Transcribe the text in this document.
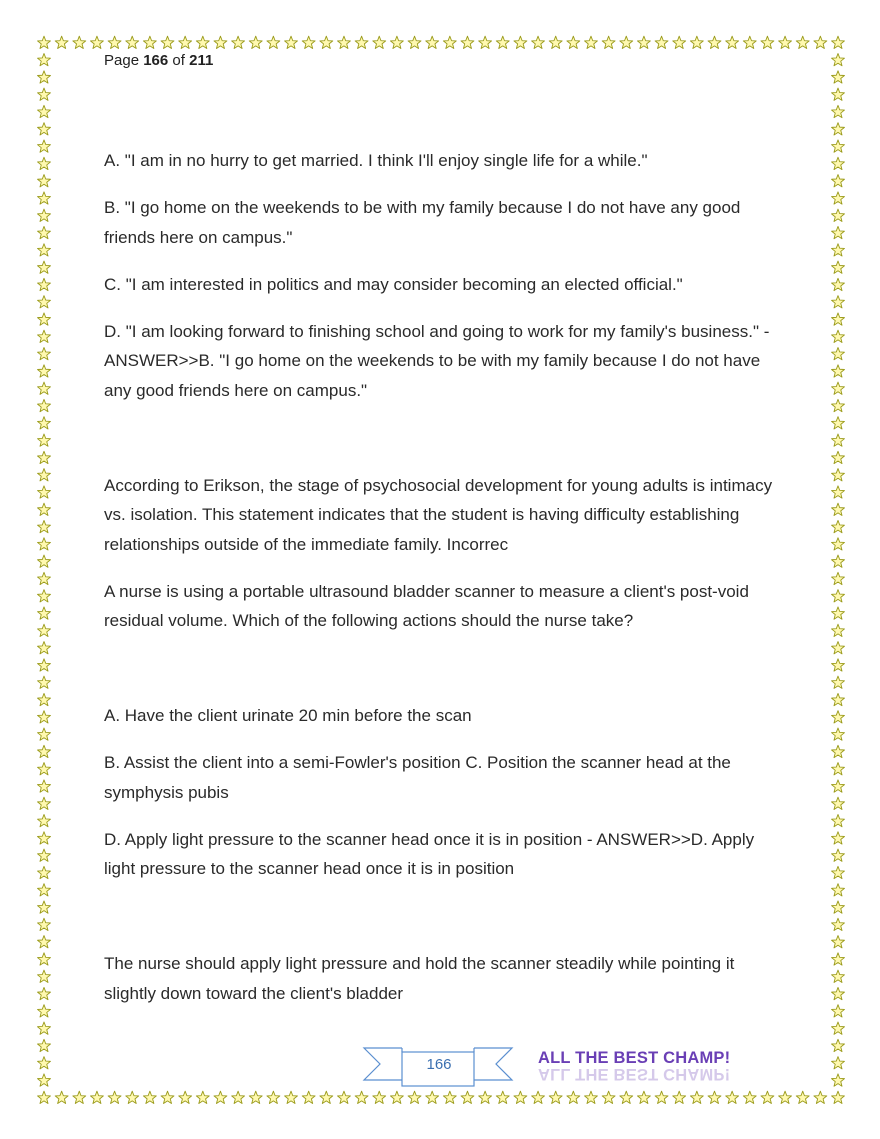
Page 166 of 211

A. "I am in no hurry to get married. I think I'll enjoy single life for a while."

B. "I go home on the weekends to be with my family because I do not have any good friends here on campus."

C. "I am interested in politics and may consider becoming an elected official."

D. "I am looking forward to finishing school and going to work for my family's business." - ANSWER>>B. "I go home on the weekends to be with my family because I do not have any good friends here on campus."

According to Erikson, the stage of psychosocial development for young adults is intimacy vs. isolation. This statement indicates that the student is having difficulty establishing relationships outside of the immediate family. Incorrec

A nurse is using a portable ultrasound bladder scanner to measure a client's post-void residual volume. Which of the following actions should the nurse take?

A. Have the client urinate 20 min before the scan

B. Assist the client into a semi-Fowler's position C. Position the scanner head at the symphysis pubis

D. Apply light pressure to the scanner head once it is in position - ANSWER>>D. Apply light pressure to the scanner head once it is in position

The nurse should apply light pressure and hold the scanner steadily while pointing it slightly down toward the client's bladder

166	ALL THE BEST CHAMP!
ALL THE BEST CHAMP!
